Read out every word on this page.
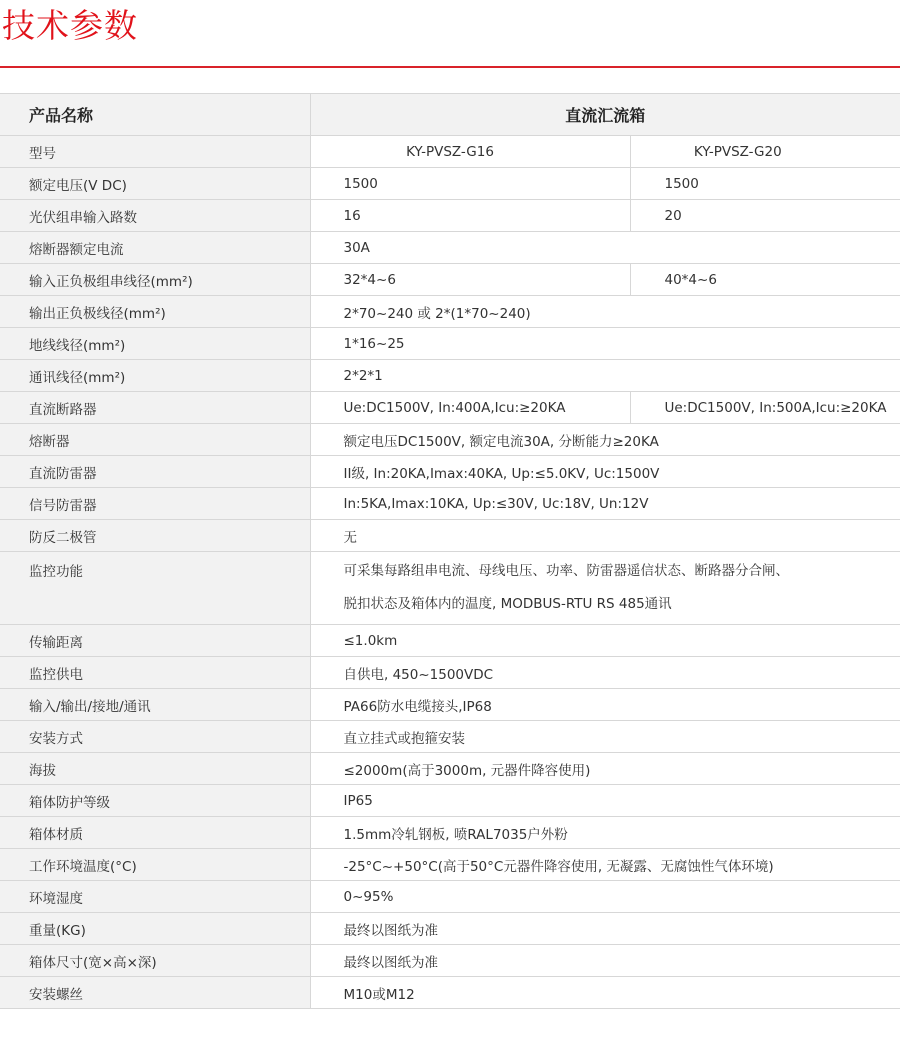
技术参数
产品名称	直流汇流箱	
型号	KY-PVSZ-G16	KY-PVSZ-G20
额定电压(V DC)	1500	1500
光伏组串输入路数	16	20
熔断器额定电流	30A	
输入正负极组串线径(mm²)	32*4~6	40*4~6
输出正负极线径(mm²)	2*70~240 或 2*(1*70~240)	
地线线径(mm²)	1*16~25	
通讯线径(mm²)	2*2*1	
直流断路器	Ue:DC1500V, In:400A,Icu:≥20KA	Ue:DC1500V, In:500A,Icu:≥20KA
熔断器	额定电压DC1500V, 额定电流30A, 分断能力≥20KA	
直流防雷器	II级, In:20KA,Imax:40KA, Up:≤5.0KV, Uc:1500V	
信号防雷器	In:5KA,Imax:10KA, Up:≤30V, Uc:18V, Un:12V	
防反二极管	无	
监控功能	可采集每路组串电流、母线电压、功率、防雷器遥信状态、断路器分合闸、
脱扣状态及箱体内的温度, MODBUS-RTU RS 485通讯	

传输距离	≤1.0km	
监控供电	自供电, 450~1500VDC	
输入/输出/接地/通讯	PA66防水电缆接头,IP68	
安装方式	直立挂式或抱箍安装	
海拔	≤2000m(高于3000m, 元器件降容使用)	
箱体防护等级	IP65	
箱体材质	1.5mm冷轧钢板, 喷RAL7035户外粉	
工作环境温度(°C)	-25°C~+50°C(高于50°C元器件降容使用, 无凝露、无腐蚀性气体环境)	
环境湿度	0~95%	
重量(KG)	最终以图纸为准	
箱体尺寸(宽×高×深)	最终以图纸为准	
安装螺丝	M10或M12	
